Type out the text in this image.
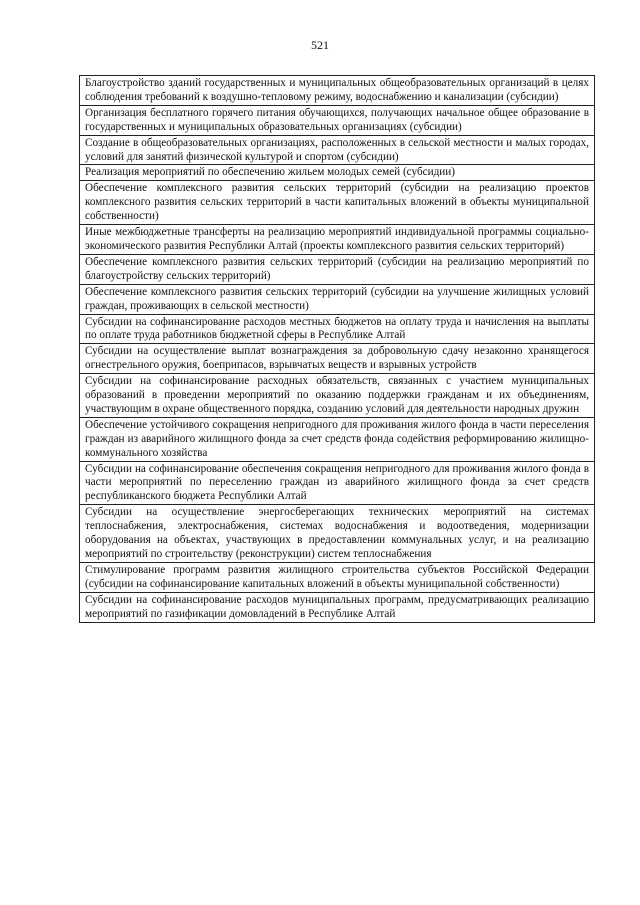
521
Благоустройство зданий государственных и муниципальных общеобразовательных организаций в целях соблюдения требований к воздушно-тепловому режиму, водоснабжению и канализации (субсидии)
Организация бесплатного горячего питания обучающихся, получающих начальное общее образование в государственных и муниципальных образовательных организациях (субсидии)
Создание в общеобразовательных организациях, расположенных в сельской местности и малых городах, условий для занятий физической культурой и спортом (субсидии)
Реализация мероприятий по обеспечению жильем молодых семей (субсидии)
Обеспечение комплексного развития сельских территорий (субсидии на реализацию проектов комплексного развития сельских территорий в части капитальных вложений в объекты муниципальной собственности)
Иные межбюджетные трансферты на реализацию мероприятий индивидуальной программы социально-экономического развития Республики Алтай (проекты комплексного развития сельских территорий)
Обеспечение комплексного развития сельских территорий (субсидии на реализацию мероприятий по благоустройству сельских территорий)
Обеспечение комплексного развития сельских территорий (субсидии на улучшение жилищных условий граждан, проживающих в сельской местности)
Субсидии на софинансирование расходов местных бюджетов на оплату труда и начисления на выплаты по оплате труда работников бюджетной сферы в Республике Алтай
Субсидии на осуществление выплат вознаграждения за добровольную сдачу незаконно хранящегося огнестрельного оружия, боеприпасов, взрывчатых веществ и взрывных устройств
Субсидии на софинансирование расходных обязательств, связанных с участием муниципальных образований в проведении мероприятий по оказанию поддержки гражданам и их объединениям, участвующим в охране общественного порядка, созданию условий для деятельности народных дружин
Обеспечение устойчивого сокращения непригодного для проживания жилого фонда в части переселения граждан из аварийного жилищного фонда за счет средств фонда содействия реформированию жилищно-коммунального хозяйства
Субсидии на софинансирование обеспечения сокращения непригодного для проживания жилого фонда в части мероприятий по переселению граждан из аварийного жилищного фонда за счет средств республиканского бюджета Республики Алтай
Субсидии на осуществление энергосберегающих технических мероприятий на системах теплоснабжения, электроснабжения, системах водоснабжения и водоотведения, модернизации оборудования на объектах, участвующих в предоставлении коммунальных услуг, и на реализацию мероприятий по строительству (реконструкции) систем теплоснабжения
Стимулирование программ развития жилищного строительства субъектов Российской Федерации (субсидии на софинансирование капитальных вложений в объекты муниципальной собственности)
Субсидии на софинансирование расходов муниципальных программ, предусматривающих реализацию мероприятий по газификации домовладений в Республике Алтай
